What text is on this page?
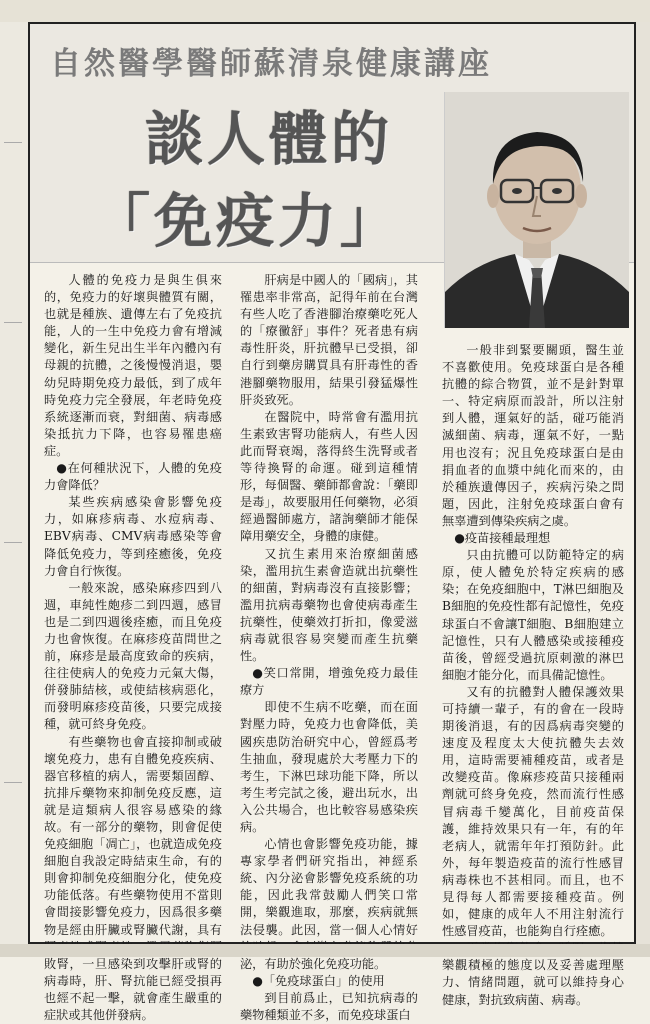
自然醫學醫師蘇清泉健康講座
談人體的
「免疫力」

人體的免疫力是與生俱來的，免疫力的好壞與體質有關，也就是種族、遺傳左右了免疫抗能，人的一生中免疫力會有增減變化，新生兒出生半年內體內有母親的抗體，之後慢慢消退，嬰幼兒時期免疫力最低，到了成年時免疫力完全發展，年老時免疫系統逐漸而衰，對細菌、病毒感染抵抗力下降，也容易罹患癌症。

●在何種狀況下，人體的免疫力會降低？

某些疾病感染會影響免疫力，如麻疹病毒、水痘病毒、EBV病毒、CMV病毒感染等會降低免疫力，等到痊癒後，免疫力會自行恢復。

一般來說，感染麻疹四到八週，車純性皰疹二到四週，感冒也是二到四週後痊癒，而且免疫力也會恢復。在麻疹疫苗問世之前，麻疹是最高度致命的疾病，往往使病人的免疫力元氣大傷，併發肺結核，或使結核病惡化，而發明麻疹疫苗後，只要完成接種，就可終身免疫。

有些藥物也會直接抑制或破壞免疫力，患有自體免疫疾病、器官移植的病人，需要類固醇、抗排斥藥物來抑制免疫反應，這就是這類病人很容易感染的緣故。有一部分的藥物，則會促使免疫細胞「凋亡」，也就造成免疫細胞自我設定時結束生命，有的則會抑制免疫細胞分化，使免疫功能低落。有些藥物使用不當則會間接影響免疫力，因爲很多藥物是經由肝臟或腎臟代謝，具有 敗腎，一旦感染到攻擊肝或腎的病毒時，肝、腎抗能已經受損再也經不起一擊，就會產生嚴重的症狀或其他併發病。

肝病是中國人的「國病」，其罹患率非常高，記得年前在台灣有些人吃了香港腳治療藥吃死人的「療黴舒」事件？死者患有病毒性肝炎，肝抗體早已受損，卻自行到藥房購買具有肝毒性的香港腳藥物服用，結果引發猛爆性肝炎致死。

在醫院中，時常會有濫用抗生素致害腎功能病人，有些人因此而腎衰竭，落得終生洗腎或者等待換腎的命運。碰到這種情形，每個醫、藥師都會說：「藥即是毒」，故要服用任何藥物，必須經過醫師處方，諸詢藥師才能保障用藥安全，身體的康健。

又抗生素用來治療細菌感染，濫用抗生素會造就出抗藥性的細菌，對病毒沒有直接影響；濫用抗病毒藥物也會使病毒產生抗藥性，使藥效打折扣，像愛滋病毒就很容易突變而產生抗藥性。

●笑口常開，增強免疫力最佳療方

即使不生病不吃藥，而在面對壓力時，免疫力也會降低，美國疾患防治研究中心，曾經爲考生抽血，發現處於大考壓力下的考生，下淋巴球功能下降，所以考生考完試之後，避出玩水，出入公共場合，也比較容易感染疾病。

心情也會影響免疫功能，據專家學者們研究指出，神經系統、內分泌會影響免疫系統的功能，因此我常鼓勵人們笑口常開，樂觀進取，那麼，疾病就無法侵襲。此因，當一個人心情好 泌，有助於強化免疫功能。

●「免疫球蛋白」的使用

到目前爲止，已知抗病毒的藥物種類並不多，而免疫球蛋白

一般非到緊要關頭，醫生並不喜歡使用。免疫球蛋白是各種抗體的綜合物質，並不是針對單一、特定病原而設計，所以注射到人體，運氣好的話，碰巧能消滅細菌、病毒，運氣不好，一點用也沒有；況且免疫球蛋白是由捐血者的血漿中純化而來的，由於種族遺傳因子，疾病污染之問題，因此，注射免疫球蛋白會有無辜遭到傳染疾病之虞。

●疫苗接種最理想

只由抗體可以防範特定的病原，使人體免於特定疾病的感染；在免疫細胞中，T淋巴細胞及B細胞的免疫性都有記憶性，免疫球蛋白不會讓T細胞、B細胞建立記憶性，只有人體感染或接種疫苗後，曾經受過抗原刺激的淋巴細胞才能分化，而具備記憶性。

又有的抗體對人體保護效果可持續一輩子，有的會在一段時期後消退，有的因爲病毒突變的速度及程度太大使抗體失去效用，這時需要補種疫苗，或者是改變疫苗。像麻疹疫苗只接種兩劑就可終身免疫，然而流行性感冒病毒千變萬化，目前疫苗保護，維持效果只有一年，有的年老病人，就需年年打預防針。此外，每年製造疫苗的流行性感冒病毒株也不甚相同。而且，也不見得每人都需要接種疫苗。例如，健康的成年人不用注射流行性感冒疫苗，也能夠自行痊癒。

樂觀積極的態度以及妥善處理壓力、情緒問題，就可以維持身心健康，對抗致病菌、病毒。
